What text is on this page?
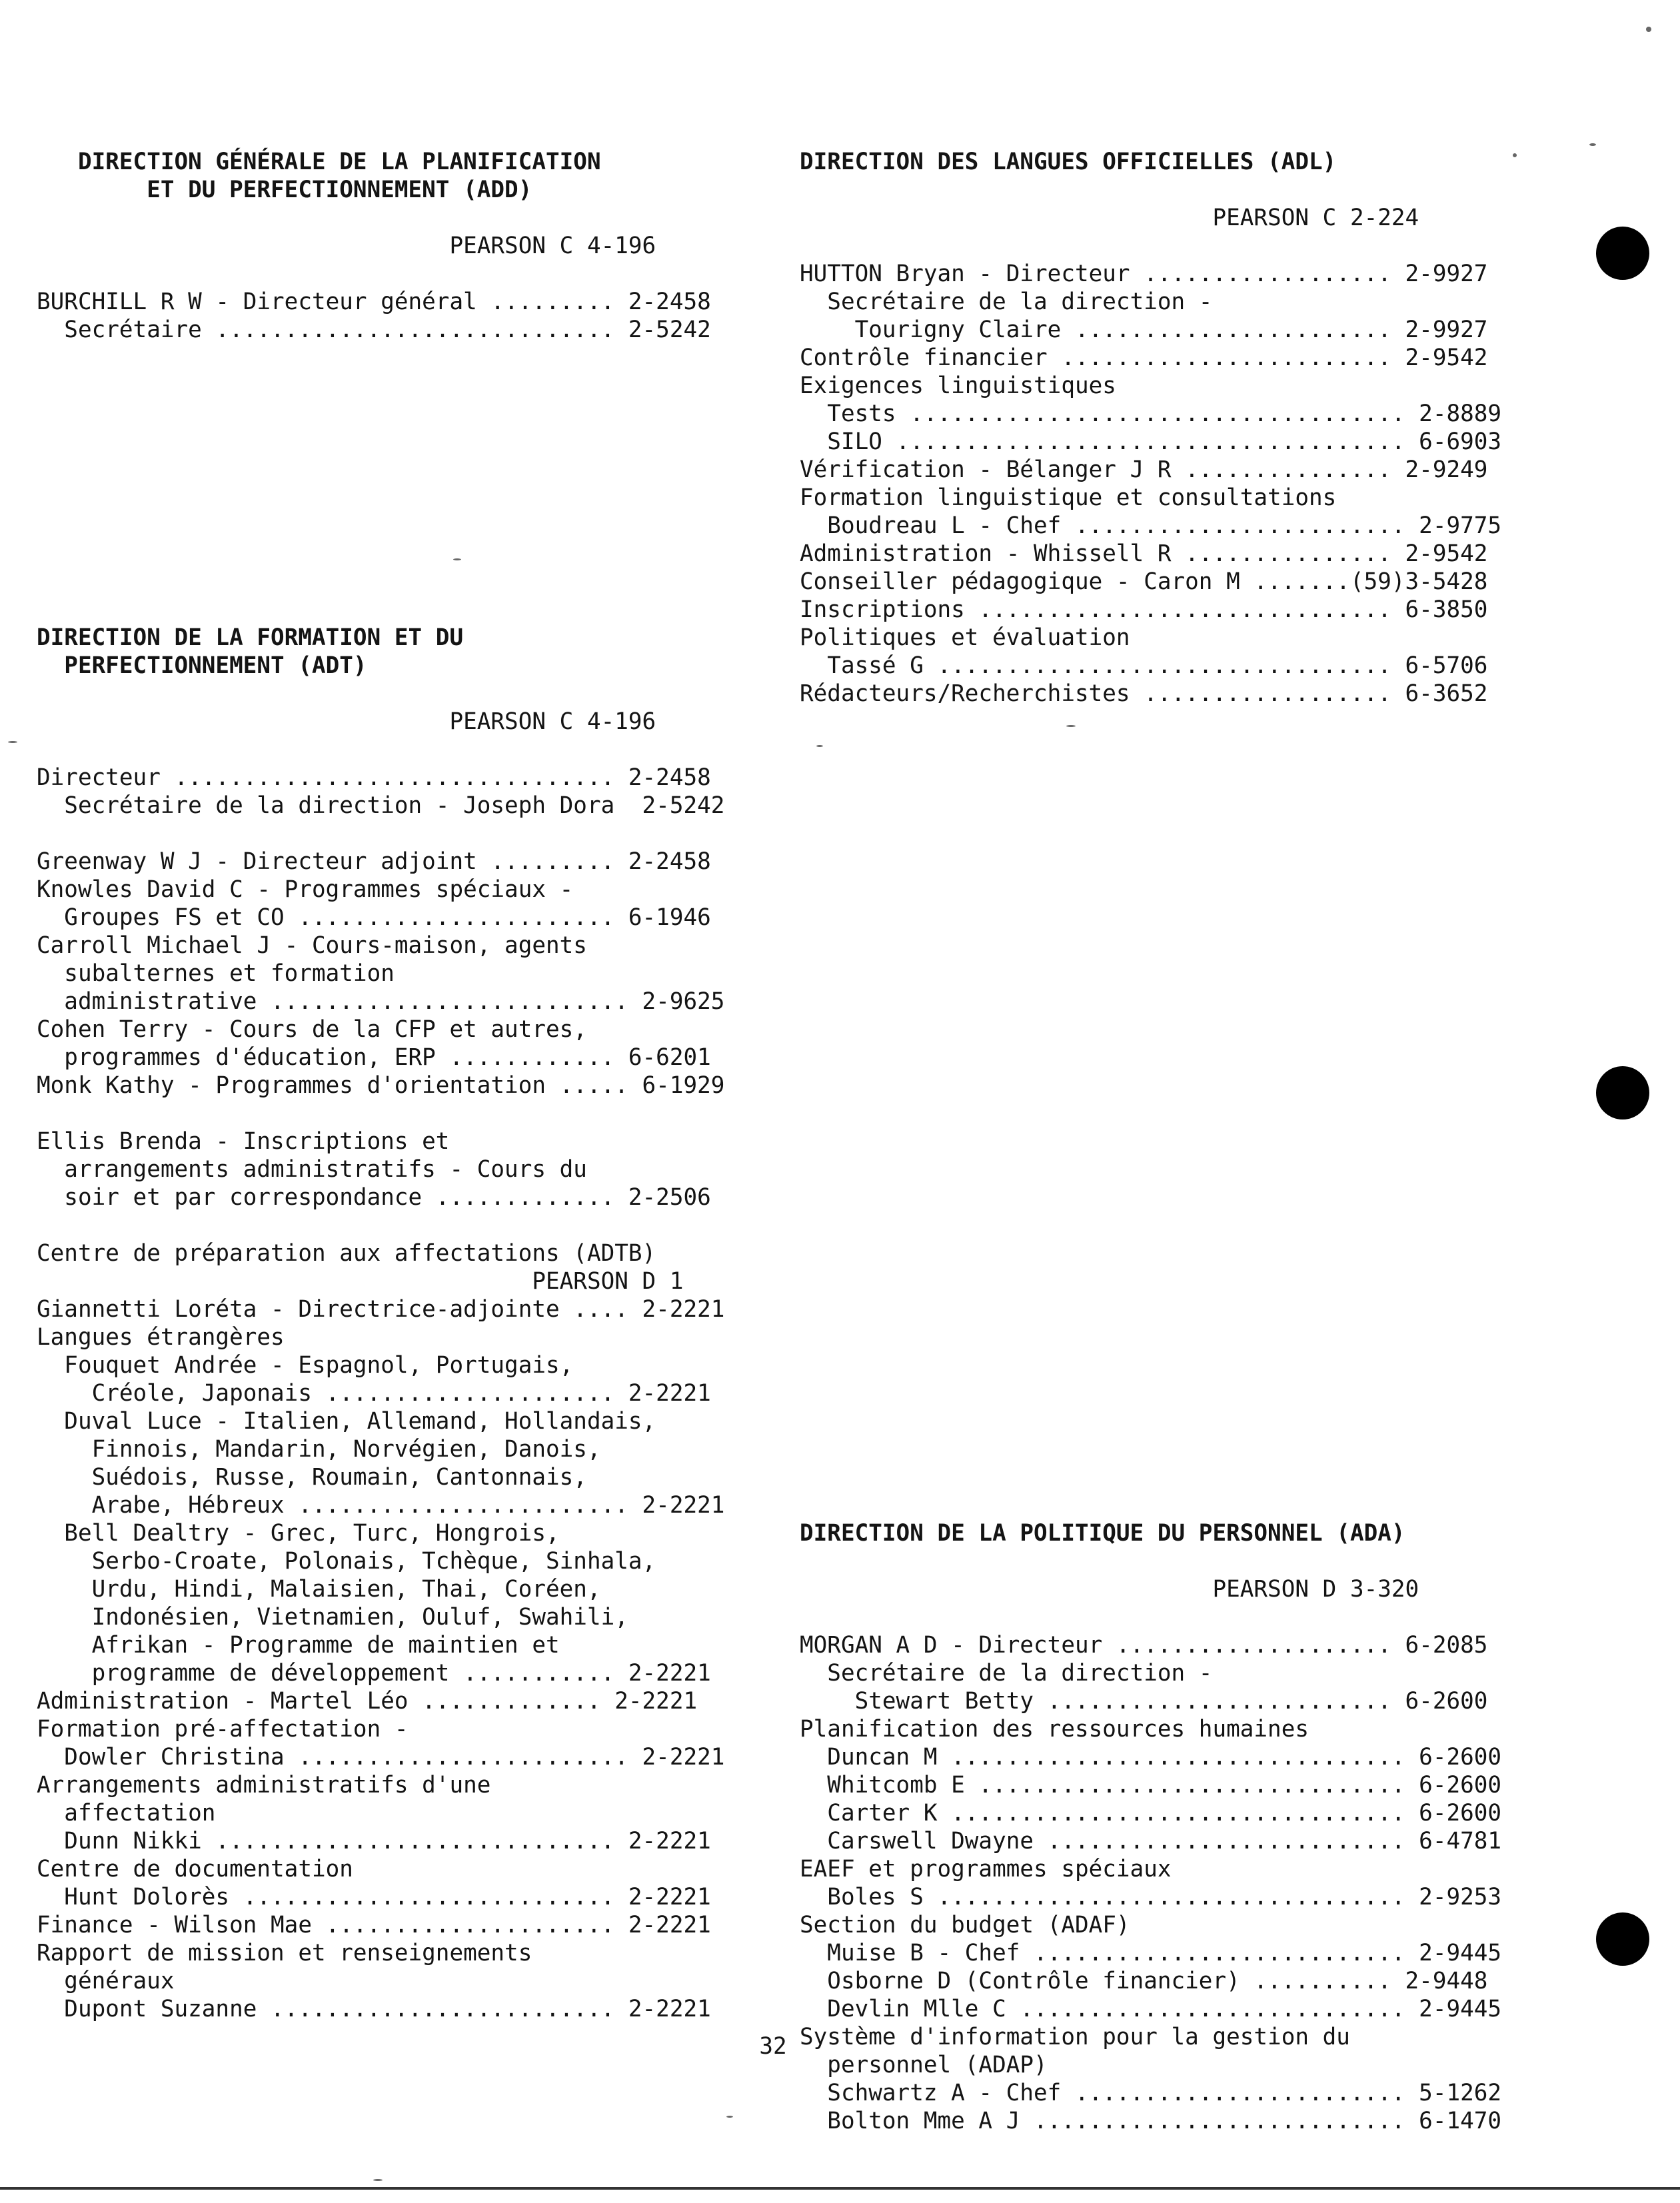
DIRECTION GÉNÉRALE DE LA PLANIFICATION
ET DU PERFECTIONNEMENT (ADD)
PEARSON C 4-196
BURCHILL R W - Directeur général ......... 2-2458
Secrétaire ............................. 2-5242
DIRECTION DE LA FORMATION ET DU
PERFECTIONNEMENT (ADT)
PEARSON C 4-196
Directeur ................................ 2-2458
Secrétaire de la direction - Joseph Dora  2-5242
Greenway W J - Directeur adjoint ......... 2-2458
Knowles David C - Programmes spéciaux -
Groupes FS et CO ....................... 6-1946
Carroll Michael J - Cours-maison, agents
subalternes et formation
administrative .......................... 2-9625
Cohen Terry - Cours de la CFP et autres,
programmes d'éducation, ERP ............ 6-6201
Monk Kathy - Programmes d'orientation ..... 6-1929
Ellis Brenda - Inscriptions et
arrangements administratifs - Cours du
soir et par correspondance ............. 2-2506
Centre de préparation aux affectations (ADTB)
PEARSON D 1
Giannetti Loréta - Directrice-adjointe .... 2-2221
Langues étrangères
Fouquet Andrée - Espagnol, Portugais,
Créole, Japonais ..................... 2-2221
Duval Luce - Italien, Allemand, Hollandais,
Finnois, Mandarin, Norvégien, Danois,
Suédois, Russe, Roumain, Cantonnais,
Arabe, Hébreux ........................ 2-2221
Bell Dealtry - Grec, Turc, Hongrois,
Serbo-Croate, Polonais, Tchèque, Sinhala,
Urdu, Hindi, Malaisien, Thai, Coréen,
Indonésien, Vietnamien, Ouluf, Swahili,
Afrikan - Programme de maintien et
programme de développement ........... 2-2221
Administration - Martel Léo ............. 2-2221
Formation pré-affectation -
Dowler Christina ........................ 2-2221
Arrangements administratifs d'une
affectation
Dunn Nikki ............................. 2-2221
Centre de documentation
Hunt Dolorès ........................... 2-2221
Finance - Wilson Mae ..................... 2-2221
Rapport de mission et renseignements
généraux
Dupont Suzanne ......................... 2-2221
DIRECTION DES LANGUES OFFICIELLES (ADL)
PEARSON C 2-224
HUTTON Bryan - Directeur .................. 2-9927
Secrétaire de la direction -
Tourigny Claire ....................... 2-9927
Contrôle financier ........................ 2-9542
Exigences linguistiques
Tests .................................... 2-8889
SILO ..................................... 6-6903
Vérification - Bélanger J R ............... 2-9249
Formation linguistique et consultations
Boudreau L - Chef ........................ 2-9775
Administration - Whissell R ............... 2-9542
Conseiller pédagogique - Caron M .......(59)3-5428
Inscriptions .............................. 6-3850
Politiques et évaluation
Tassé G ................................. 6-5706
Rédacteurs/Recherchistes .................. 6-3652
DIRECTION DE LA POLITIQUE DU PERSONNEL (ADA)
PEARSON D 3-320
MORGAN A D - Directeur .................... 6-2085
Secrétaire de la direction -
Stewart Betty ......................... 6-2600
Planification des ressources humaines
Duncan M ................................. 6-2600
Whitcomb E ............................... 6-2600
Carter K ................................. 6-2600
Carswell Dwayne .......................... 6-4781
EAEF et programmes spéciaux
Boles S .................................. 2-9253
Section du budget (ADAF)
Muise B - Chef ........................... 2-9445
Osborne D (Contrôle financier) .......... 2-9448
Devlin Mlle C ............................ 2-9445
Système d'information pour la gestion du
personnel (ADAP)
Schwartz A - Chef ........................ 5-1262
Bolton Mme A J ........................... 6-1470
32
